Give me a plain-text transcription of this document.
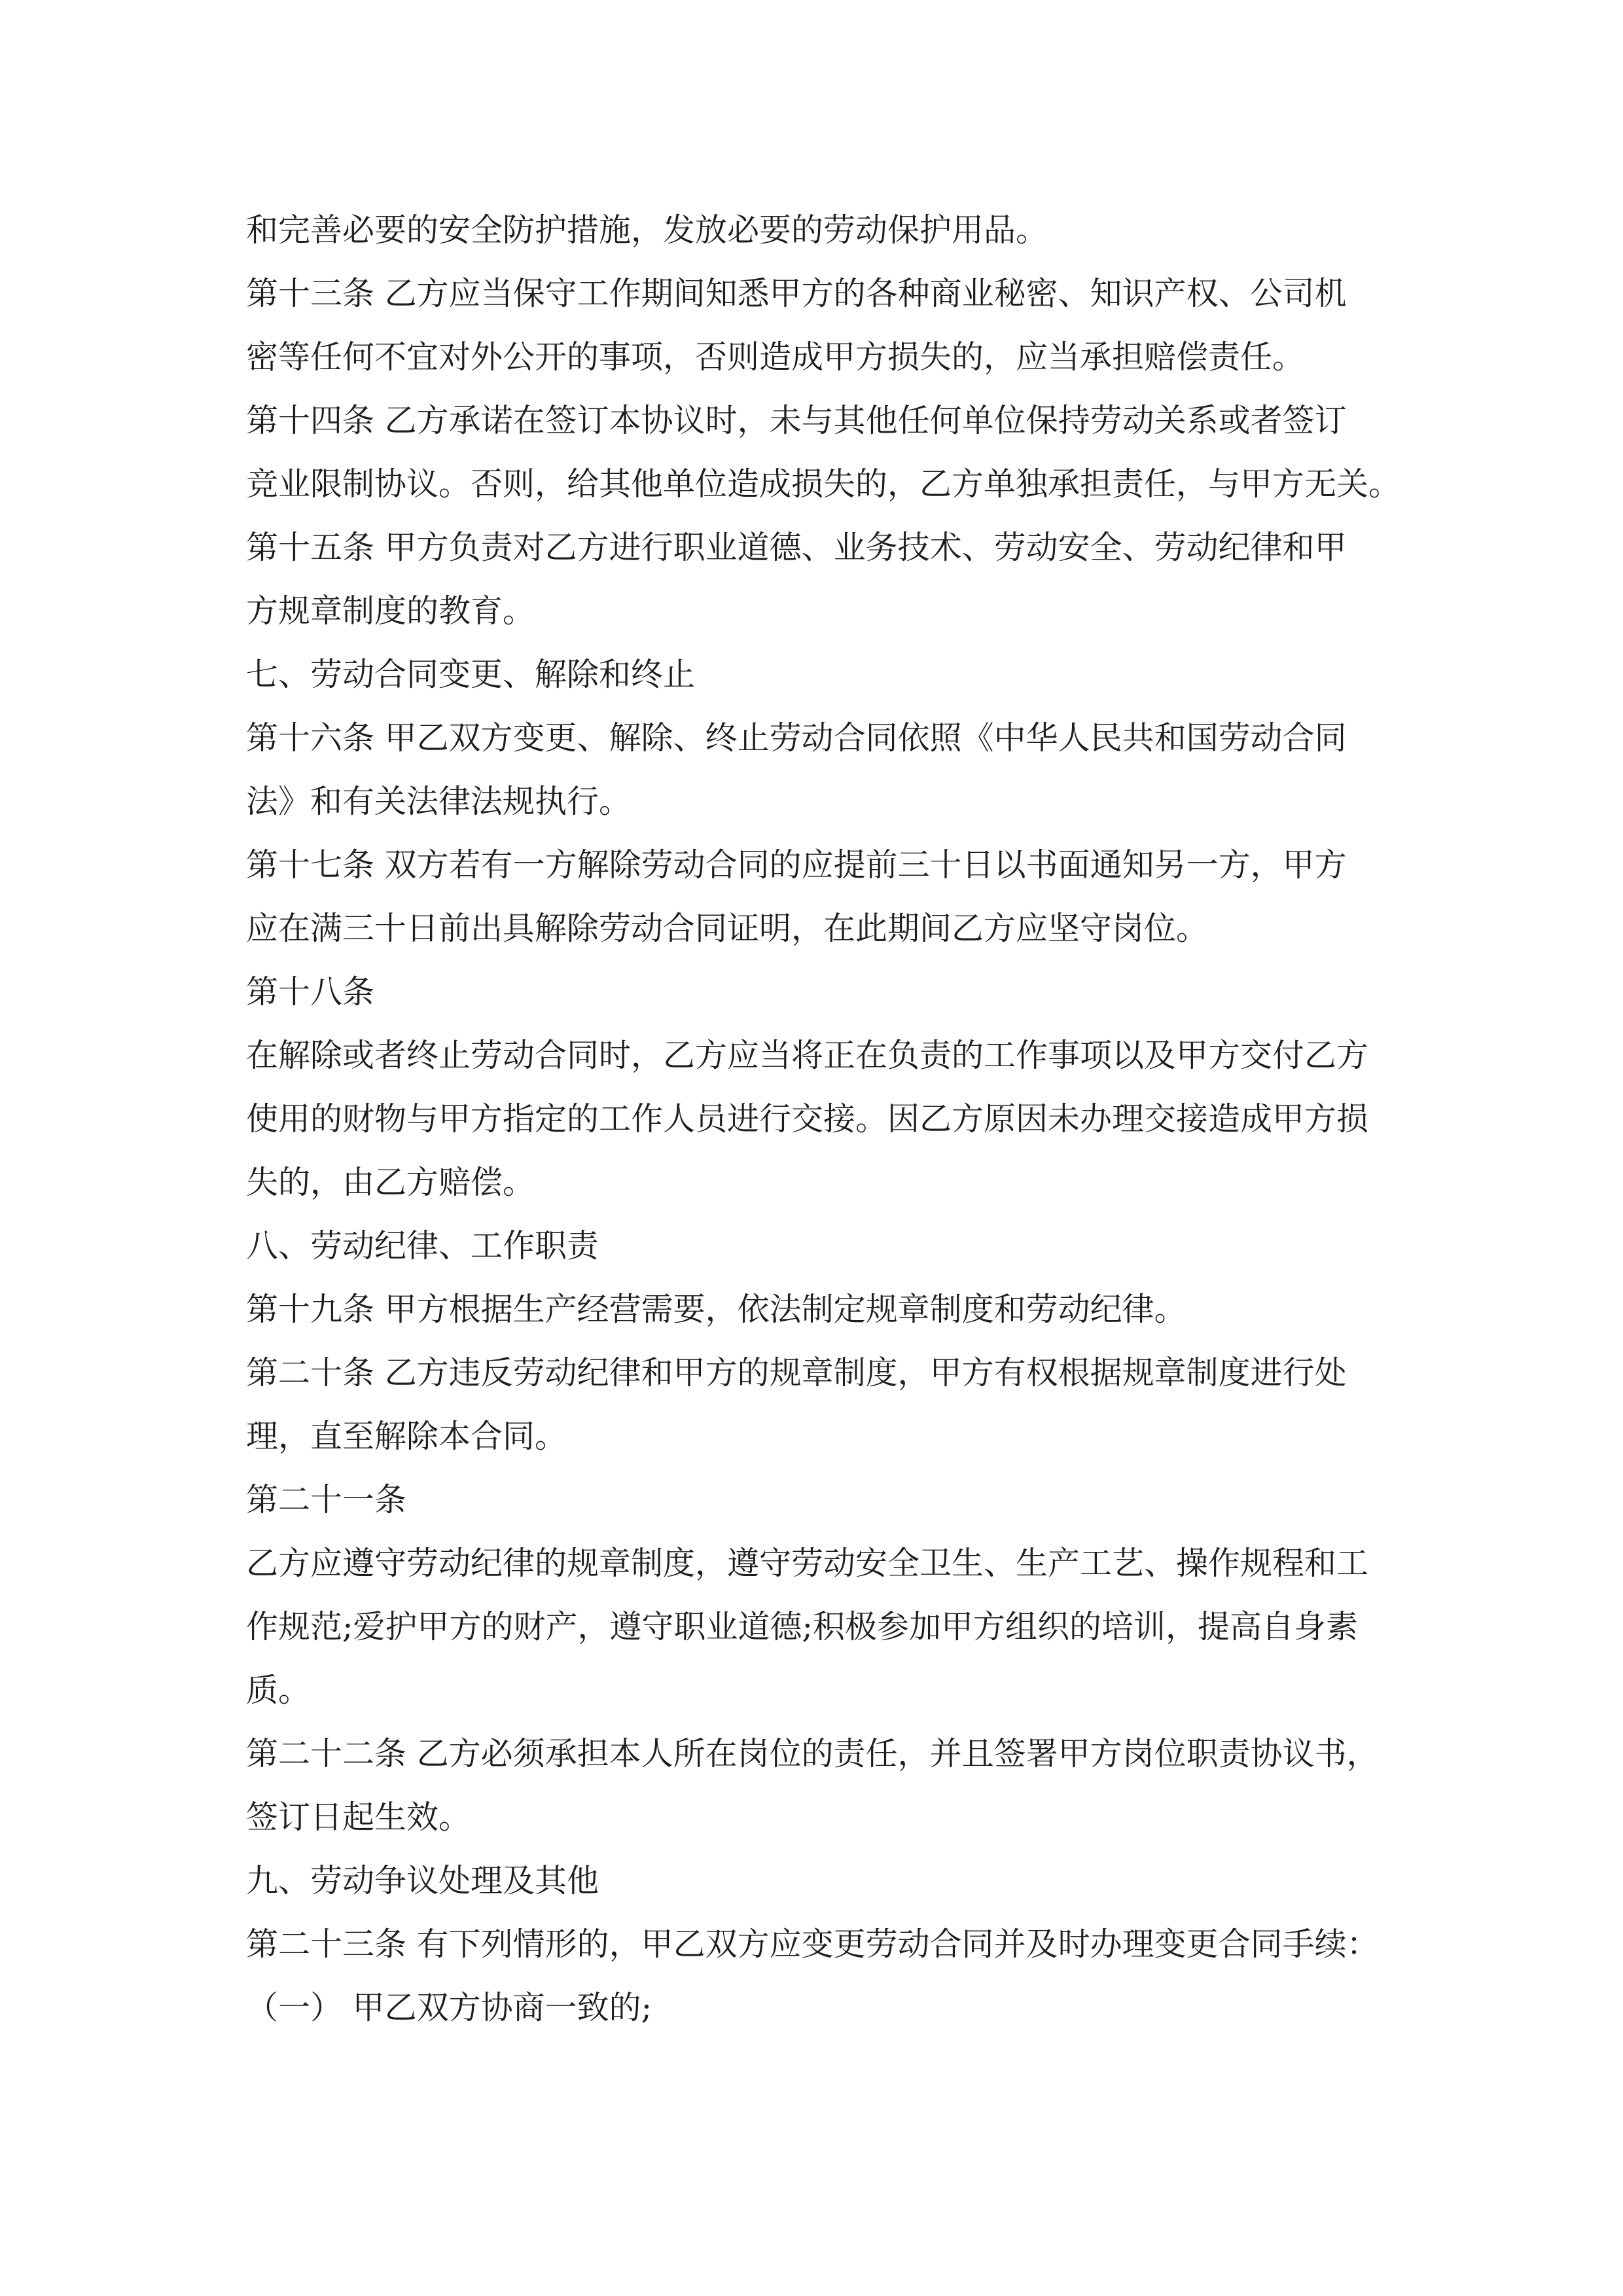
和完善必要的安全防护措施，发放必要的劳动保护用品。
第十三条 乙方应当保守工作期间知悉甲方的各种商业秘密、知识产权、公司机
密等任何不宜对外公开的事项，否则造成甲方损失的，应当承担赔偿责任。
第十四条 乙方承诺在签订本协议时，未与其他任何单位保持劳动关系或者签订
竞业限制协议。否则，给其他单位造成损失的，乙方单独承担责任，与甲方无关。
第十五条 甲方负责对乙方进行职业道德、业务技术、劳动安全、劳动纪律和甲
方规章制度的教育。
七、劳动合同变更、解除和终止
第十六条 甲乙双方变更、解除、终止劳动合同依照《中华人民共和国劳动合同
法》和有关法律法规执行。
第十七条 双方若有一方解除劳动合同的应提前三十日以书面通知另一方，甲方
应在满三十日前出具解除劳动合同证明，在此期间乙方应坚守岗位。
第十八条
在解除或者终止劳动合同时，乙方应当将正在负责的工作事项以及甲方交付乙方
使用的财物与甲方指定的工作人员进行交接。因乙方原因未办理交接造成甲方损
失的，由乙方赔偿。
八、劳动纪律、工作职责
第十九条 甲方根据生产经营需要，依法制定规章制度和劳动纪律。
第二十条 乙方违反劳动纪律和甲方的规章制度，甲方有权根据规章制度进行处
理，直至解除本合同。
第二十一条
乙方应遵守劳动纪律的规章制度，遵守劳动安全卫生、生产工艺、操作规程和工
作规范;爱护甲方的财产，遵守职业道德;积极参加甲方组织的培训，提高自身素
质。
第二十二条 乙方必须承担本人所在岗位的责任，并且签署甲方岗位职责协议书，
签订日起生效。
九、劳动争议处理及其他
第二十三条 有下列情形的，甲乙双方应变更劳动合同并及时办理变更合同手续：
（一） 甲乙双方协商一致的;
